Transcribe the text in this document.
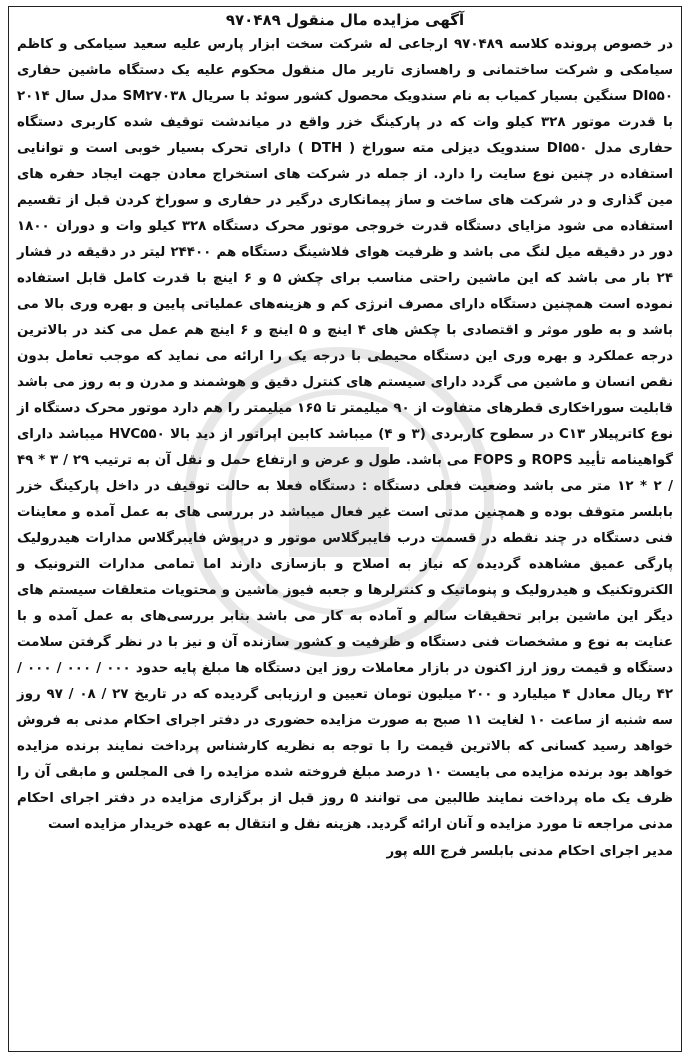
آگهی مزایده مال منقول ۹۷۰۴۸۹

در خصوص پرونده کلاسه ۹۷۰۴۸۹ ارجاعی له شرکت سخت ابزار پارس علیه سعید سیامکی و کاظم سیامکی و شرکت ساختمانی و راهسازی تاریر مال منقول محکوم علیه یک دستگاه ماشین حفاری DI۵۵۰ سنگین بسیار کمیاب به نام سندویک محصول کشور سوئد با سریال SM۲۷۰۳۸ مدل سال ۲۰۱۴ با قدرت موتور ۳۲۸ کیلو وات که در پارکینگ خزر واقع در میاندشت توقیف شده کاربری دستگاه حفاری مدل DI۵۵۰ سندویک دیزلی مته سوراخ ( DTH ) دارای تحرک بسیار خوبی است و توانایی استفاده در چنین نوع سایت را دارد. از جمله در شرکت های استخراج معادن جهت ایجاد حفره های مین گذاری و در شرکت های ساخت و ساز پیمانکاری درگیر در حفاری و سوراخ کردن قبل از تقسیم استفاده می شود مزایای دستگاه قدرت خروجی موتور محرک دستگاه ۳۲۸ کیلو وات و دوران ۱۸۰۰ دور در دقیقه میل لنگ می باشد و ظرفیت هوای فلاشینگ دستگاه هم ۲۴۴۰۰ لیتر در دقیقه در فشار ۲۴ بار می باشد که این ماشین راحتی مناسب برای چکش ۵ و ۶ اینچ با قدرت کامل قابل استفاده نموده است همچنین دستگاه دارای مصرف انرژی کم و هزینه‌های عملیاتی پایین و بهره وری بالا می باشد و به طور موثر و اقتصادی با چکش های ۴ اینچ و ۵ اینچ و ۶ اینچ هم عمل می کند در بالاترین درجه عملکرد و بهره وری این دستگاه محیطی با درجه یک را ارائه می نماید که موجب تعامل بدون نقص انسان و ماشین می گردد دارای سیستم های کنترل دقیق و هوشمند و مدرن و به روز می باشد قابلیت سوراخکاری قطرهای متفاوت از ۹۰ میلیمتر تا ۱۶۵ میلیمتر را هم دارد موتور محرک دستگاه از نوع کاترپیلار C۱۳ در سطوح کاربردی (۳ و ۴) میباشد کابین اپراتور از دید بالا HVC۵۵۰ میباشد دارای گواهینامه تأیید ROPS و FOPS می باشد. طول و عرض و ارتفاع حمل و نقل آن به ترتیب ۲۹ / ۳ * ۴۹ / ۲ * ۱۲ متر می باشد وضعیت فعلی دستگاه : دستگاه فعلا به حالت توقیف در داخل پارکینگ خزر بابلسر متوقف بوده و همچنین مدتی است غیر فعال میباشد در بررسی های به عمل آمده و معاینات فنی دستگاه در چند نقطه در قسمت درب فایبرگلاس موتور و درپوش فایبرگلاس مدارات هیدرولیک پارگی عمیق مشاهده گردیده که نیاز به اصلاح و بازسازی دارند اما تمامی مدارات الترونیک و الکتروتکنیک و هیدرولیک و پنوماتیک و کنترلرها و جعبه فیوز ماشین و محتویات متعلقات سیستم های دیگر این ماشین برابر تحقیقات سالم و آماده به کار می باشد بنابر بررسی‌های به عمل آمده و با عنایت به نوع و مشخصات فنی دستگاه و ظرفیت و کشور سازنده آن و نیز با در نظر گرفتن سلامت دستگاه و قیمت روز ارز اکنون در بازار معاملات روز این دستگاه ها مبلغ پایه حدود ۰۰۰ / ۰۰۰ / ۰۰۰ / ۴۲ ریال معادل ۴ میلیارد و ۲۰۰ میلیون تومان تعیین و ارزیابی گردیده که در تاریخ ۲۷ / ۰۸ / ۹۷ روز سه شنبه از ساعت ۱۰ لغایت ۱۱ صبح به صورت مزایده حضوری در دفتر اجرای احکام مدنی به فروش خواهد رسید کسانی که بالاترین قیمت را با توجه به نظریه کارشناس پرداخت نمایند برنده مزایده خواهد بود برنده مزایده می بایست ۱۰ درصد مبلغ فروخته شده مزایده را فی المجلس و مابقی آن را ظرف یک ماه پرداخت نمایند طالبین می توانند ۵ روز قبل از برگزاری مزایده در دفتر اجرای احکام مدنی مراجعه تا مورد مزایده و آنان ارائه گردید. هزینه نقل و انتقال به عهده خریدار مزایده است

مدیر اجرای احکام مدنی بابلسر فرج الله پور
